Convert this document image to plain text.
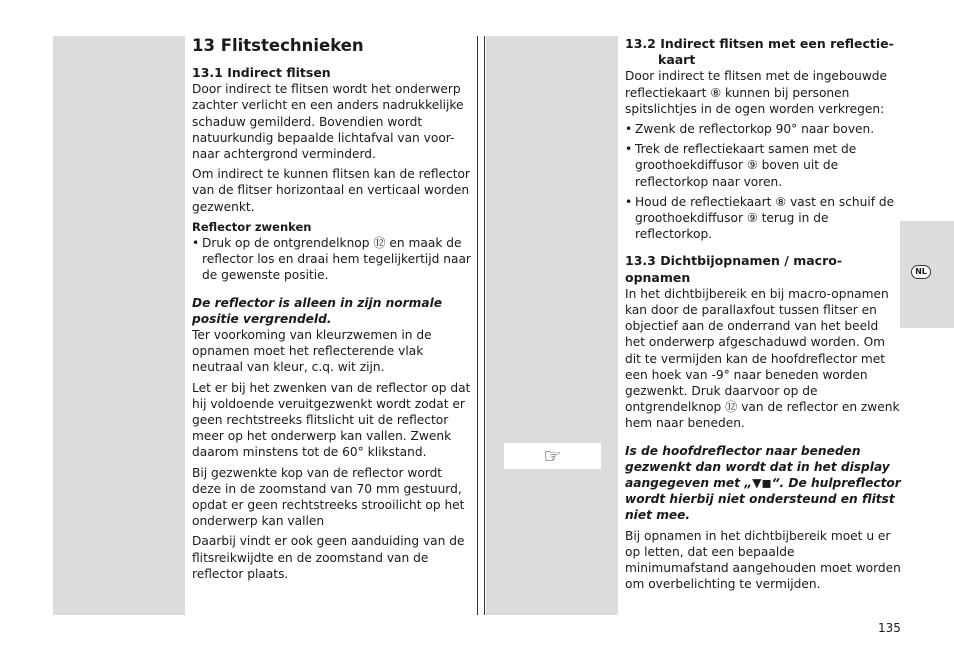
NL
☞
13 Flitstechnieken
13.1 Indirect flitsen

Door indirect te flitsen wordt het onderwerp zachter verlicht en een anders nadrukkelijke schaduw gemilderd. Bovendien wordt natuurkundig bepaalde lichtafval van voor- naar achtergrond verminderd.

Om indirect te kunnen flitsen kan de reflector van de flitser horizontaal en verticaal worden gezwenkt.

Reflector zwenken
• Druk op de ontgrendelknop ⑫ en maak de reflector los en draai hem tegelijkertijd naar de gewenste positie.

De reflector is alleen in zijn normale positie vergrendeld.

Ter voorkoming van kleurzwemen in de opnamen moet het reflecterende vlak neutraal van kleur, c.q. wit zijn.

Let er bij het zwenken van de reflector op dat hij voldoende veruitgezwenkt wordt zodat er geen rechtstreeks flitslicht uit de reflector meer op het onderwerp kan vallen. Zwenk daarom minstens tot de 60° klikstand.

Bij gezwenkte kop van de reflector wordt deze in de zoomstand van 70 mm gestuurd, opdat er geen rechtstreeks strooilicht op het onderwerp kan vallen

Daarbij vindt er ook geen aanduiding van de flitsreikwijdte en de zoomstand van de reflector plaats.

13.2 Indirect flitsen met een reflectie-
kaart

Door indirect te flitsen met de ingebouwde reflectiekaart ⑧ kunnen bij personen spitslichtjes in de ogen worden verkregen:

• Zwenk de reflectorkop 90° naar boven.
• Trek de reflectiekaart samen met de groothoekdiffusor ⑨ boven uit de reflectorkop naar voren.
• Houd de reflectiekaart ⑧ vast en schuif de groothoekdiffusor ⑨ terug in de reflectorkop.
13.3 Dichtbijopnamen / macro-opnamen

In het dichtbijbereik en bij macro-opnamen kan door de parallaxfout tussen flitser en objectief aan de onderrand van het beeld het onderwerp afgeschaduwd worden. Om dit te vermijden kan de hoofdreflector met een hoek van -9° naar beneden worden gezwenkt. Druk daarvoor op de ontgrendelknop ⑫ van de reflector en zwenk hem naar beneden.

Is de hoofdreflector naar beneden gezwenkt dan wordt dat in het display aangegeven met „▼◼“. De hulpreflector wordt hierbij niet ondersteund en flitst niet mee.

Bij opnamen in het dichtbijbereik moet u er op letten, dat een bepaalde minimumafstand aangehouden moet worden om overbelichting te vermijden.

135
